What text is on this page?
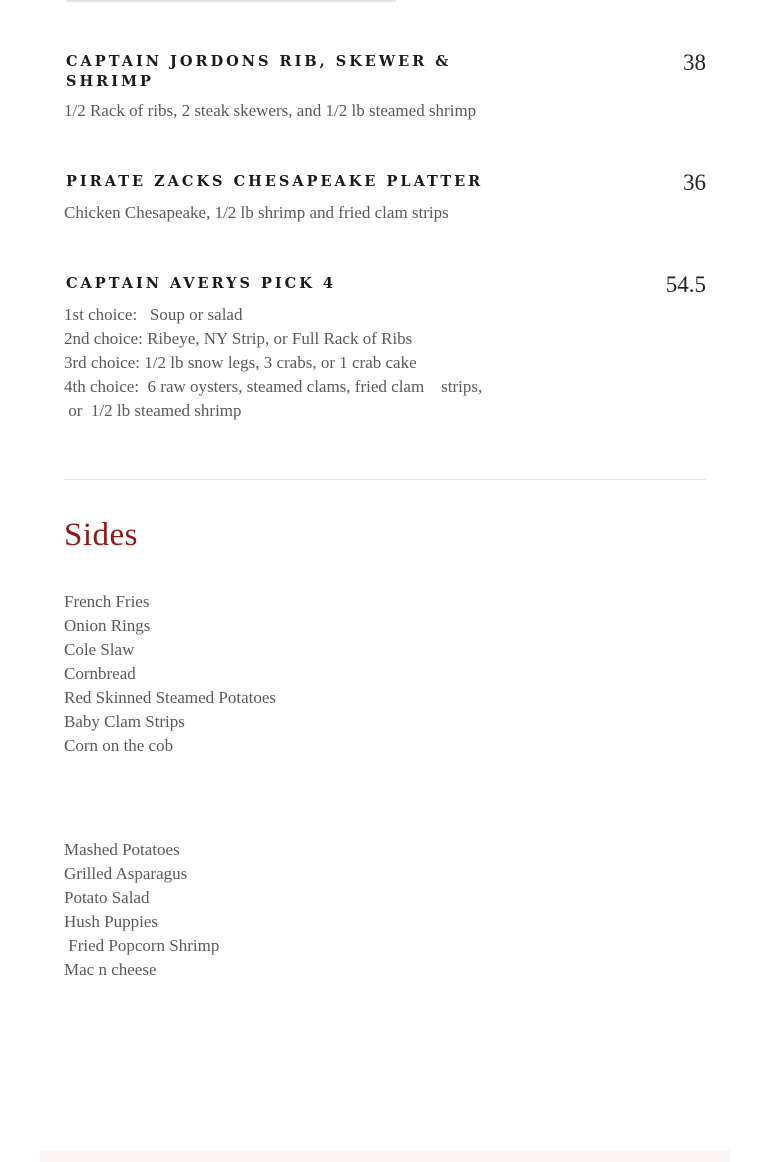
CAPTAIN JORDONS RIB, SKEWER & SHRIMP
38
1/2 Rack of ribs, 2 steak skewers, and 1/2 lb steamed shrimp
PIRATE ZACKS CHESAPEAKE PLATTER	36
Chicken Chesapeake, 1/2 lb shrimp and fried clam strips
CAPTAIN AVERYS PICK 4	54.5
1st choice:   Soup or salad
2nd choice: Ribeye, NY Strip, or Full Rack of Ribs
3rd choice: 1/2 lb snow legs, 3 crabs, or 1 crab cake
4th choice:  6 raw oysters, steamed clams, fried clam    strips,
or  1/2 lb steamed shrimp
Sides
French Fries
Onion Rings
Cole Slaw
Cornbread
Red Skinned Steamed Potatoes
Baby Clam Strips
Corn on the cob
Mashed Potatoes
Grilled Asparagus
Potato Salad
Hush Puppies
Fried Popcorn Shrimp
Mac n cheese
